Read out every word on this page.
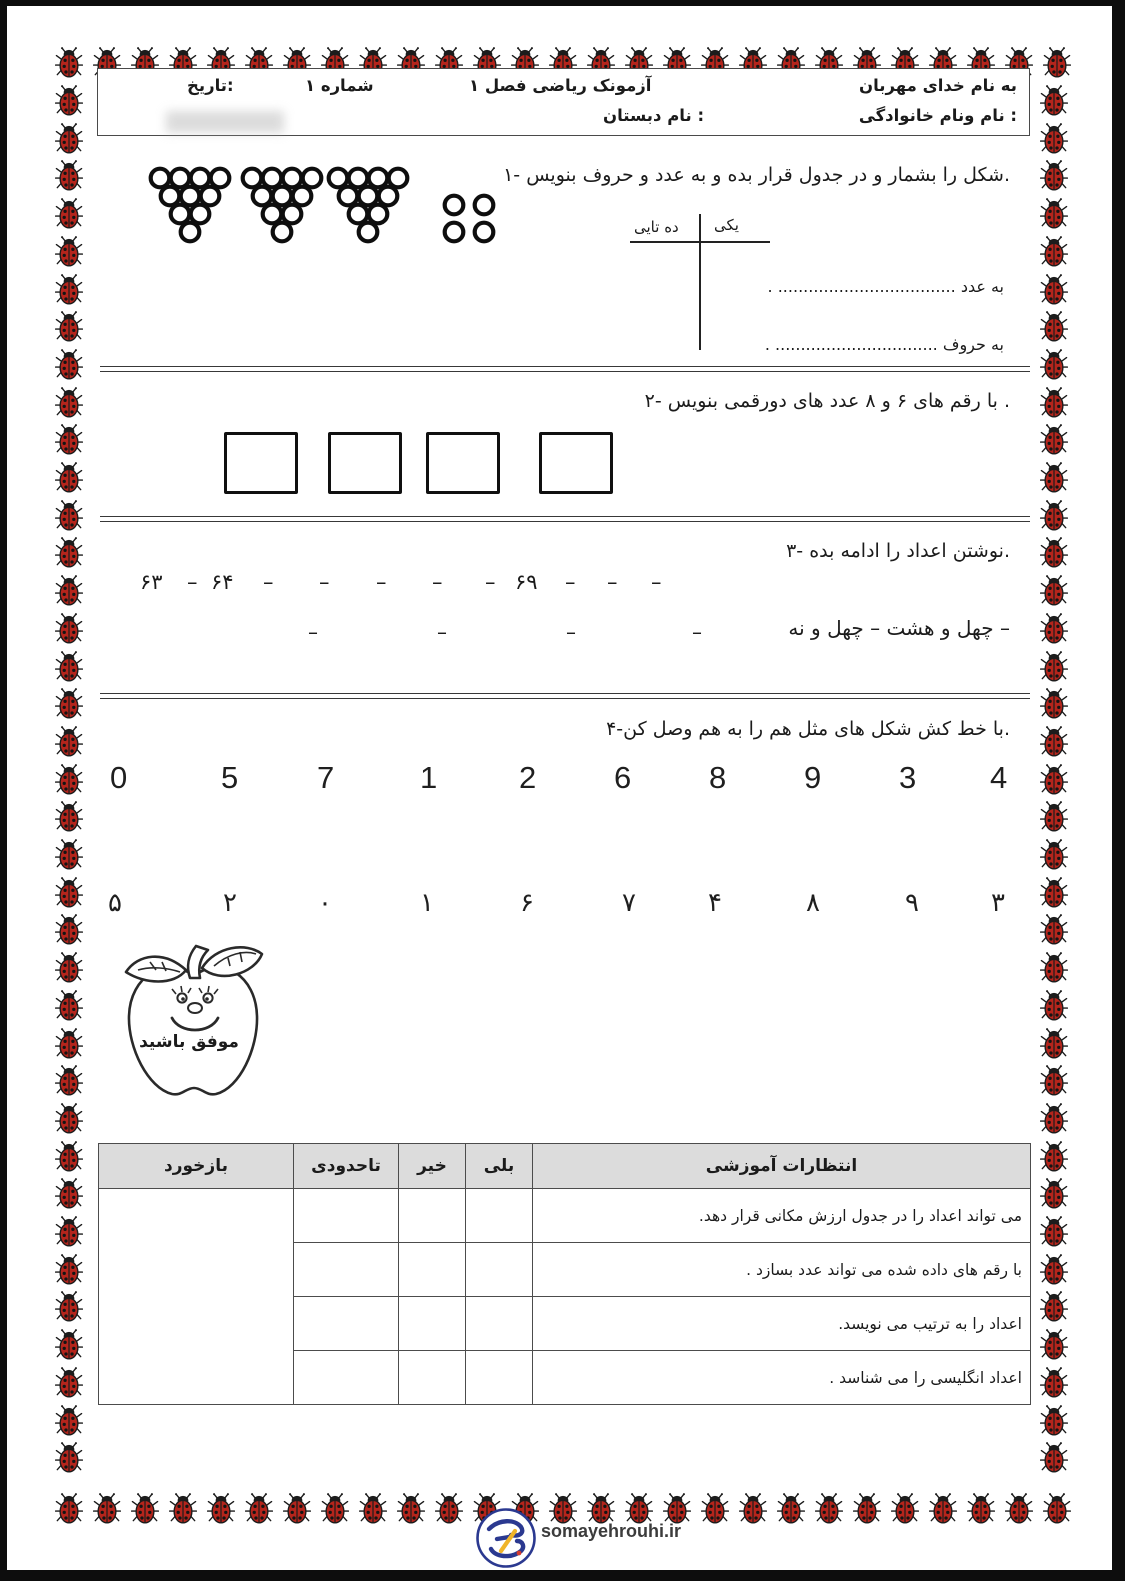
به نام خدای مهربان
آزمونک ریاضی فصل ۱
شماره ۱
تاریخ:
نام ونام خانوادگی :
نام دبستان :
۱- شکل را بشمار و در جدول قرار بده و به عدد و حروف بنویس.
ده تایی یکی
به عدد ................................... .
به حروف ................................ .
۲- با رقم های ۶ و ۸ عدد های دورقمی بنویس .
۳- نوشتن اعداد را ادامه بده.
۶۳ – ۶۴ – – – – – ۶۹ – – –
چهل و هشت – چهل و نه –
–
–
–
–
۴-با خط کش شکل های مثل هم را به هم وصل کن.
0	5	7	1	2	6	8	9	3 4
۵	۲	۰	۱	۶	۷	۴	۸	۹	۳
موفق باشید
انتظارات آموزشی	بلی	خیر	تاحدودی	بازخورد
می تواند اعداد را در جدول ارزش مکانی قرار دهد.				
با رقم های داده شده می تواند عدد بسازد .				
اعداد را به ترتیب می نویسد.				
اعداد انگلیسی را می شناسد .				
somayehrouhi.ir
